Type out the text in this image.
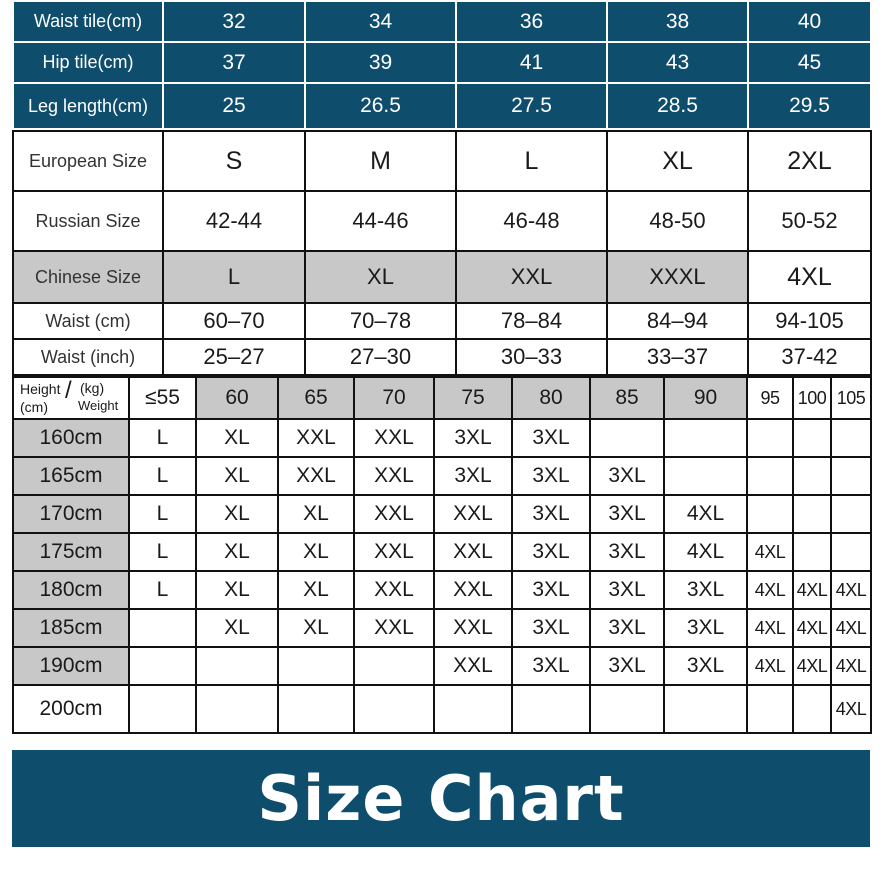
Waist tile(cm)	32	34	36	38	40
Hip tile(cm)	37	39	41	43	45
Leg length(cm)	25	26.5	27.5	28.5	29.5
European Size	S	M	L	XL	2XL
Russian Size	42-44	44-46	46-48	48-50	50-52
Chinese Size	L	XL	XXL	XXXL	4XL
Waist (cm)	60–70	70–78	78–84	84–94	94-105
Waist (inch)	25–27	27–30	30–33	33–37	37-42
Height
(cm)
/ (kg)
Weight	≤55	60	65	70	75	80	85	90	95	100	105
160cm	L	XL	XXL	XXL	3XL	3XL					
165cm	L	XL	XXL	XXL	3XL	3XL	3XL				
170cm	L	XL	XL	XXL	XXL	3XL	3XL	4XL			
175cm	L	XL	XL	XXL	XXL	3XL	3XL	4XL	4XL		
180cm	L	XL	XL	XXL	XXL	3XL	3XL	3XL	4XL	4XL	4XL
185cm		XL	XL	XXL	XXL	3XL	3XL	3XL	4XL	4XL	4XL
190cm					XXL	3XL	3XL	3XL	4XL	4XL	4XL
200cm											4XL
Size Chart
